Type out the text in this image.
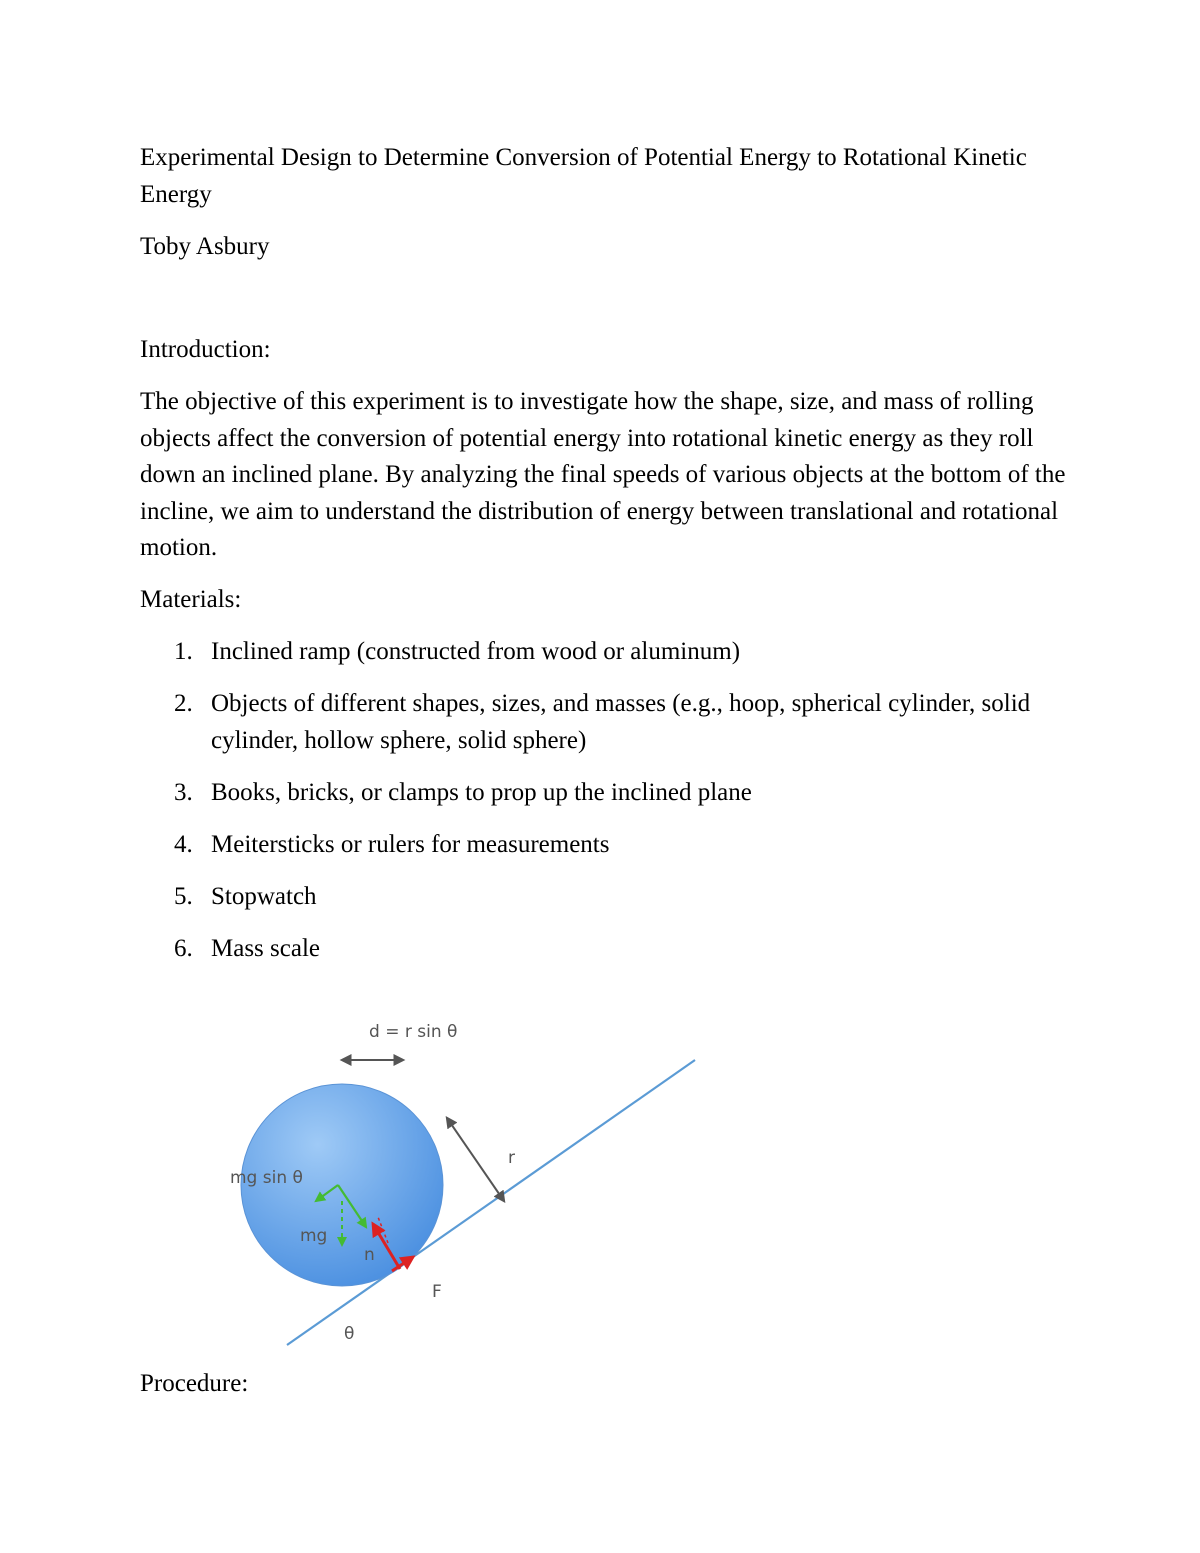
Experimental Design to Determine Conversion of Potential Energy to Rotational Kinetic Energy

Toby Asbury

Introduction:

The objective of this experiment is to investigate how the shape, size, and mass of rolling objects affect the conversion of potential energy into rotational kinetic energy as they roll down an inclined plane. By analyzing the final speeds of various objects at the bottom of the incline, we aim to understand the distribution of energy between translational and rotational motion.

Materials:

1. Inclined ramp (constructed from wood or aluminum)
2. Objects of different shapes, sizes, and masses (e.g., hoop, spherical cylinder, solid cylinder, hollow sphere, solid sphere)
3. Books, bricks, or clamps to prop up the inclined plane
4. Meitersticks or rulers for measurements
5. Stopwatch
6. Mass scale
d = r sin θ
r
mg sin θ
mg
n
F
θ

Procedure:
